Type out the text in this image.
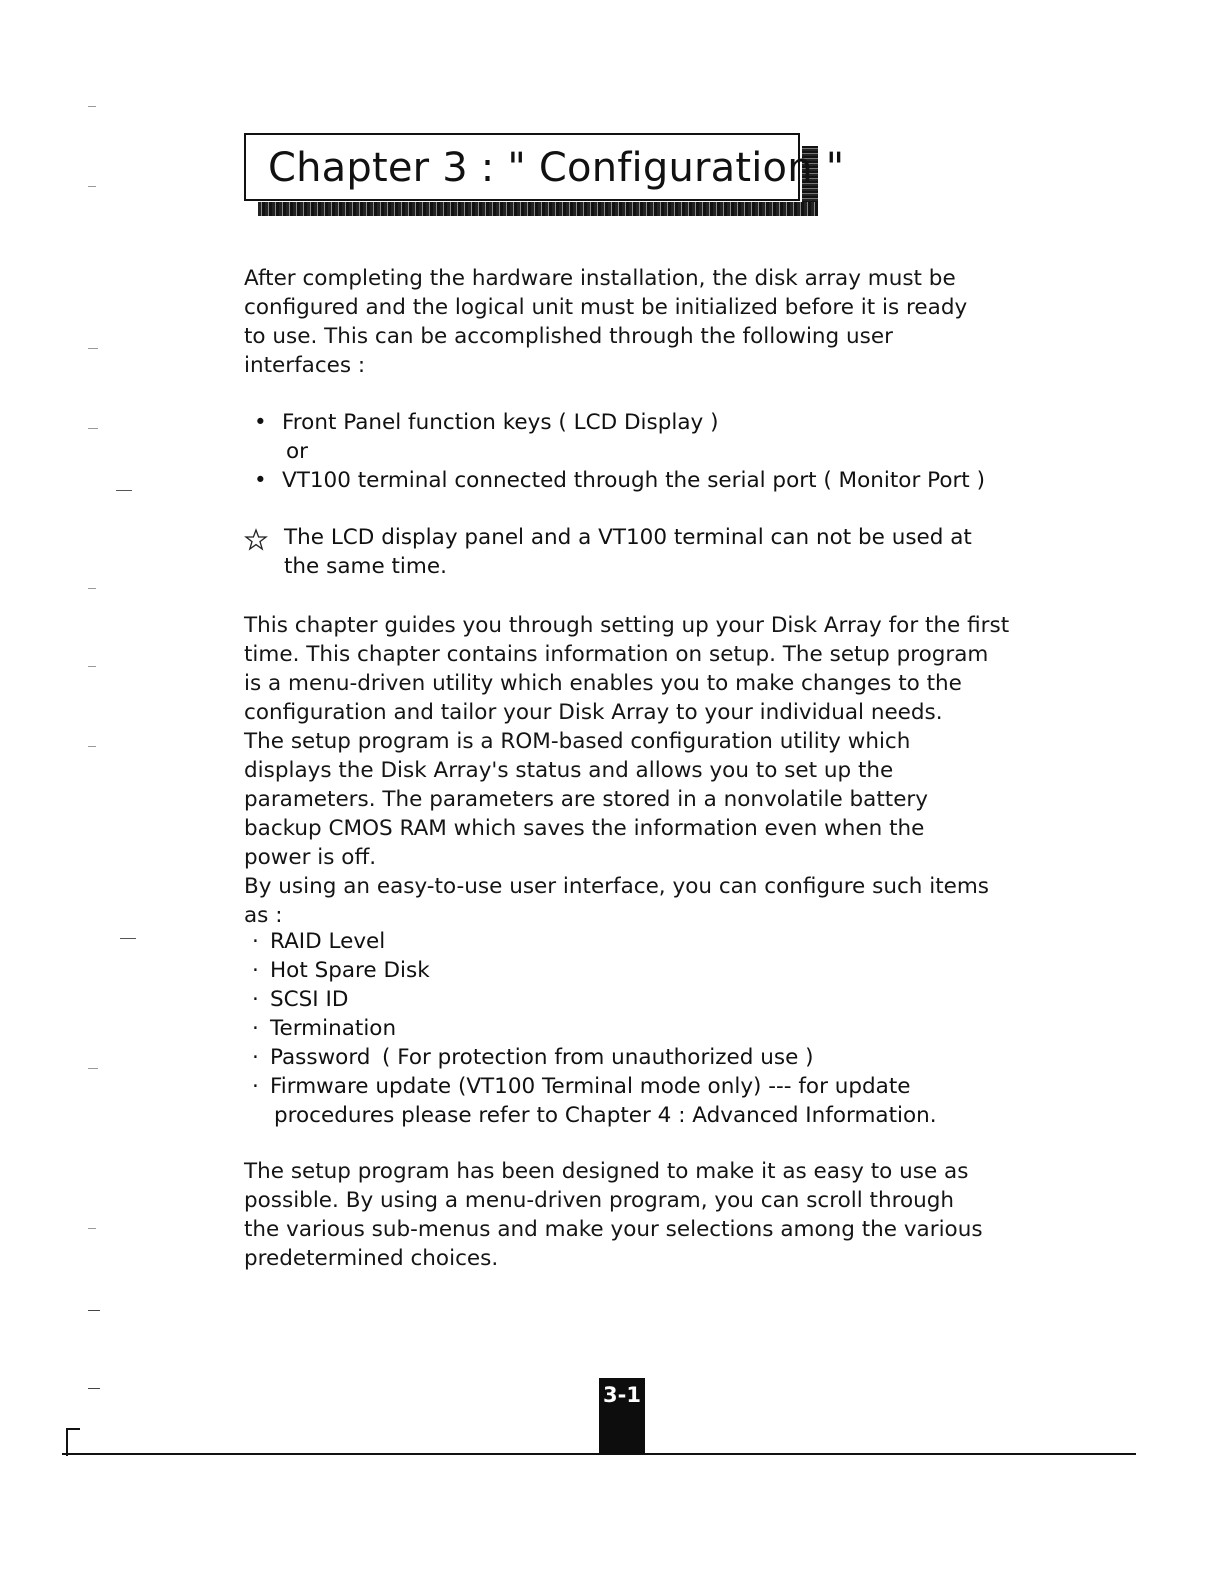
Chapter 3 : " Configuration "
After completing the hardware installation, the disk array must be
configured and the logical unit must be initialized before it is ready
to use. This can be accomplished through the following user
interfaces :
• Front Panel function keys ( LCD Display )
or
• VT100 terminal connected through the serial port ( Monitor Port )
The LCD display panel and a VT100 terminal can not be used at
the same time.
This chapter guides you through setting up your Disk Array for the first
time. This chapter contains information on setup. The setup program
is a menu-driven utility which enables you to make changes to the
configuration and tailor your Disk Array to your individual needs.
The setup program is a ROM-based configuration utility which
displays the Disk Array's status and allows you to set up the
parameters. The parameters are stored in a nonvolatile battery
backup CMOS RAM which saves the information even when the
power is off.
By using an easy-to-use user interface, you can configure such items
as :
· RAID Level
· Hot Spare Disk
· SCSI ID
· Termination
· Password ( For protection from unauthorized use )
· Firmware update (VT100 Terminal mode only) --- for update
procedures please refer to Chapter 4 : Advanced Information.
The setup program has been designed to make it as easy to use as
possible. By using a menu-driven program, you can scroll through
the various sub-menus and make your selections among the various
predetermined choices.
3-1
